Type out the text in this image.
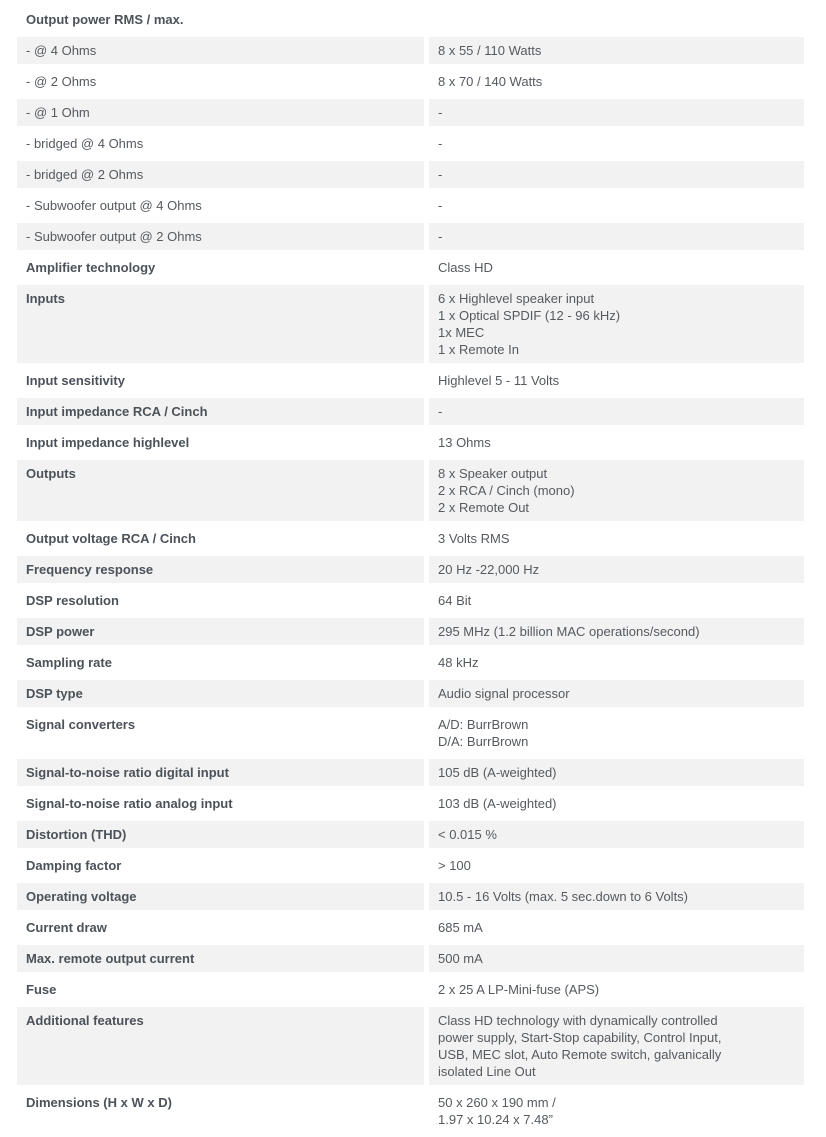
Output power RMS / max.	
- @ 4 Ohms	8 x 55 / 110 Watts

- @ 2 Ohms	8 x 70 / 140 Watts

- @ 1 Ohm	-

- bridged @ 4 Ohms	-

- bridged @ 2 Ohms	-

- Subwoofer output @ 4 Ohms	-

- Subwoofer output @ 2 Ohms	-

Amplifier technology	Class HD

Inputs	6 x Highlevel speaker input
1 x Optical SPDIF (12 - 96 kHz)
1x MEC
1 x Remote In

Input sensitivity	Highlevel 5 - 11 Volts

Input impedance RCA / Cinch	-

Input impedance highlevel	13 Ohms

Outputs	8 x Speaker output
2 x RCA / Cinch (mono)
2 x Remote Out

Output voltage RCA / Cinch	3 Volts RMS

Frequency response	20 Hz -22,000 Hz

DSP resolution	64 Bit

DSP power	295 MHz (1.2 billion MAC operations/second)

Sampling rate	48 kHz

DSP type	Audio signal processor

Signal converters	A/D: BurrBrown
D/A: BurrBrown

Signal-to-noise ratio digital input	105 dB (A-weighted)

Signal-to-noise ratio analog input	103 dB (A-weighted)

Distortion (THD)	< 0.015 %

Damping factor	> 100

Operating voltage	10.5 - 16 Volts (max. 5 sec.down to 6 Volts)

Current draw	685 mA

Max. remote output current	500 mA

Fuse	2 x 25 A LP-Mini-fuse (APS)

Additional features	Class HD technology with dynamically controlled
power supply, Start-Stop capability, Control Input,
USB, MEC slot, Auto Remote switch, galvanically
isolated Line Out

Dimensions (H x W x D)	50 x 260 x 190 mm /
1.97 x 10.24 x 7.48”
